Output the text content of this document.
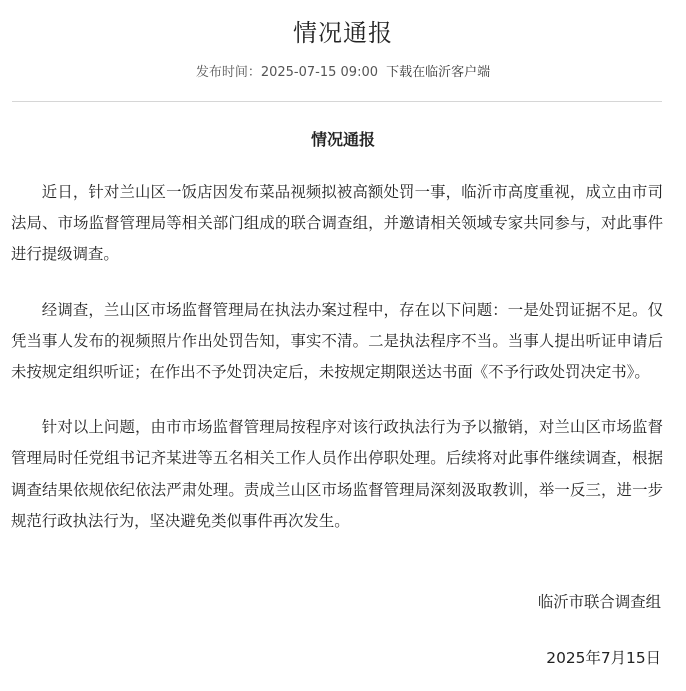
情况通报
发布时间：2025-07-15 09:00 下载在临沂客户端
情况通报

近日，针对兰山区一饭店因发布菜品视频拟被高额处罚一事，临沂市高度重视，成立由市司法局、市场监督管理局等相关部门组成的联合调查组，并邀请相关领域专家共同参与，对此事件进行提级调查。

经调查，兰山区市场监督管理局在执法办案过程中，存在以下问题：一是处罚证据不足。仅凭当事人发布的视频照片作出处罚告知，事实不清。二是执法程序不当。当事人提出听证申请后未按规定组织听证；在作出不予处罚决定后，未按规定期限送达书面《不予行政处罚决定书》。

针对以上问题，由市市场监督管理局按程序对该行政执法行为予以撤销，对兰山区市场监督管理局时任党组书记齐某进等五名相关工作人员作出停职处理。后续将对此事件继续调查，根据调查结果依规依纪依法严肃处理。责成兰山区市场监督管理局深刻汲取教训，举一反三，进一步规范行政执法行为，坚决避免类似事件再次发生。

临沂市联合调查组
2025年7月15日
